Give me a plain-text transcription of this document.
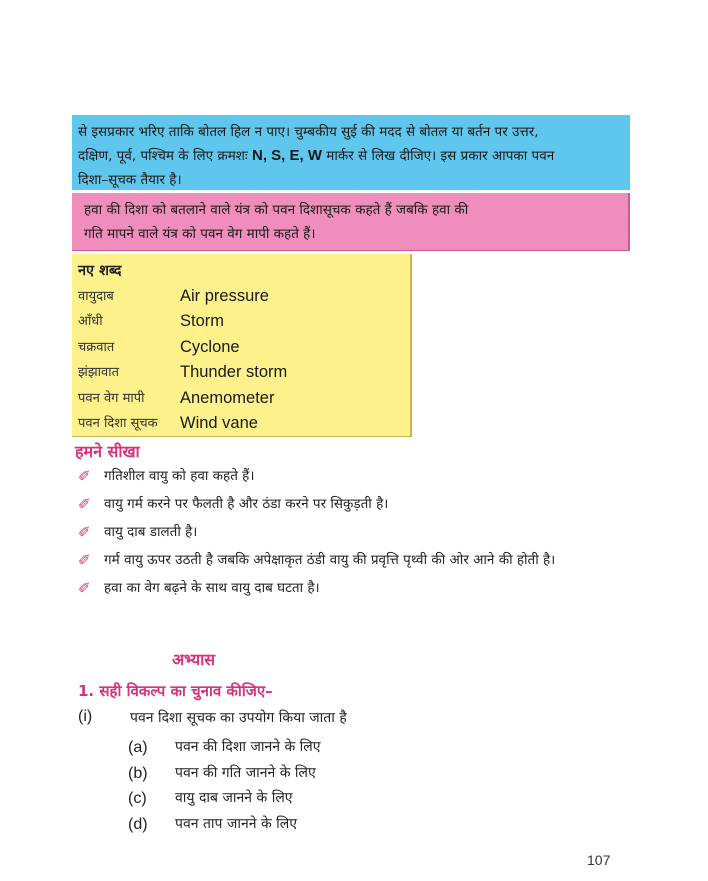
से इसप्रकार भरिए ताकि बोतल हिल न पाए। चुम्बकीय सुई की मदद से बोतल या बर्तन पर उत्तर,
दक्षिण, पूर्व, पश्चिम के लिए क्रमशः N, S, E, W मार्कर से लिख दीजिए। इस प्रकार आपका पवन
दिशा–सूचक तैयार है।
हवा की दिशा को बतलाने वाले यंत्र को पवन दिशासूचक कहते हैं जबकि हवा की
गति मापने वाले यंत्र को पवन वेग मापी कहते हैं।
नए शब्द
वायुदाब	Air pressure
आँधी	Storm
चक्रवात	Cyclone
झंझावात	Thunder storm
पवन वेग मापी	Anemometer
पवन दिशा सूचक	Wind vane
हमने सीखा
✐ गतिशील वायु को हवा कहते हैं।
✐ वायु गर्म करने पर फैलती है और ठंडा करने पर सिकुड़ती है।
✐ वायु दाब डालती है।
✐ गर्म वायु ऊपर उठती है जबकि अपेक्षाकृत ठंडी वायु की प्रवृत्ति पृथ्वी की ओर आने की होती है।
✐ हवा का वेग बढ़ने के साथ वायु दाब घटता है।
अभ्यास
1. सही विकल्प का चुनाव कीजिए–
(i)	पवन दिशा सूचक का उपयोग किया जाता है
(a)	पवन की दिशा जानने के लिए
(b)	पवन की गति जानने के लिए
(c)	वायु दाब जानने के लिए
(d)	पवन ताप जानने के लिए
107
